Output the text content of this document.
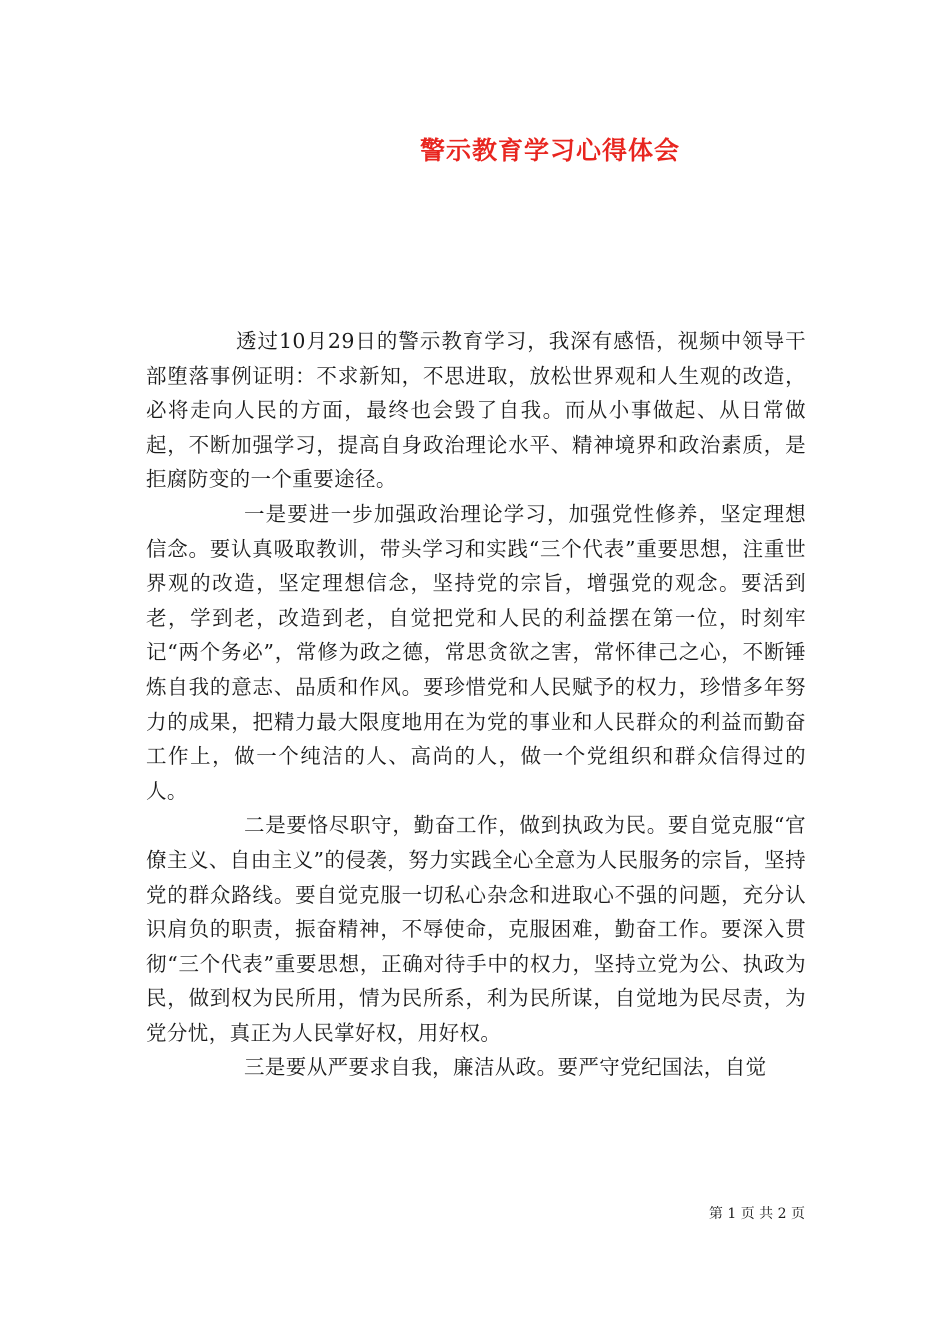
警示教育学习心得体会

透过10月29日的警示教育学习，我深有感悟，视频中领导干部堕落事例证明：不求新知，不思进取，放松世界观和人生观的改造，必将走向人民的方面，最终也会毁了自我。而从小事做起、从日常做起，不断加强学习，提高自身政治理论水平、精神境界和政治素质，是拒腐防变的一个重要途径。

一是要进一步加强政治理论学习，加强党性修养，坚定理想信念。要认真吸取教训，带头学习和实践“三个代表”重要思想，注重世界观的改造，坚定理想信念，坚持党的宗旨，增强党的观念。要活到老，学到老，改造到老，自觉把党和人民的利益摆在第一位，时刻牢记“两个务必”，常修为政之德，常思贪欲之害，常怀律己之心，不断锤炼自我的意志、品质和作风。要珍惜党和人民赋予的权力，珍惜多年努力的成果，把精力最大限度地用在为党的事业和人民群众的利益而勤奋工作上，做一个纯洁的人、高尚的人，做一个党组织和群众信得过的人。

二是要恪尽职守，勤奋工作，做到执政为民。要自觉克服“官僚主义、自由主义”的侵袭，努力实践全心全意为人民服务的宗旨，坚持党的群众路线。要自觉克服一切私心杂念和进取心不强的问题，充分认识肩负的职责，振奋精神，不辱使命，克服困难，勤奋工作。要深入贯彻“三个代表”重要思想，正确对待手中的权力，坚持立党为公、执政为民，做到权为民所用，情为民所系，利为民所谋，自觉地为民尽责，为党分忧，真正为人民掌好权，用好权。

三是要从严要求自我，廉洁从政。要严守党纪国法，自觉

第 1 页 共 2 页
